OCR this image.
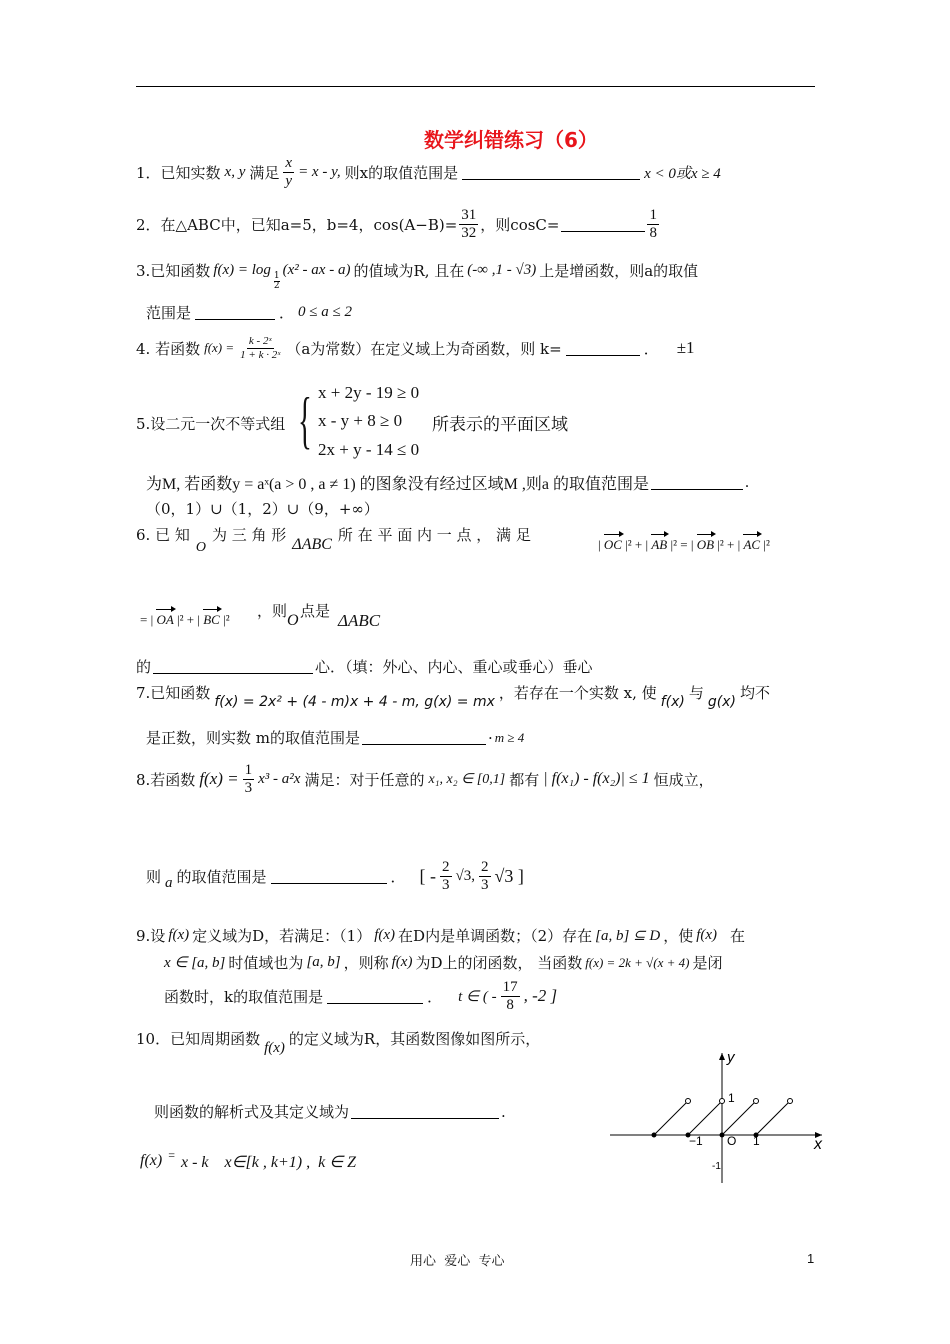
数学纠错练习（6）
1．已知实数 x, y 满足 $\frac{x}{y} = x - y$, 则x的取值范围是	x < 0或x ≥ 4
2．在△ABC中，已知a=5，b=4，$\cos(A-B)= \frac{31}{32}$ ，则cosC=	$\frac{1}{8}$
3.已知函数 f(x) = log
$\frac{1}{2}$
(x² - ax - a) 的值域为R, 且在 (-∞ ,1 - √3) 上是增函数，则a的取值
范围是	． 0 ≤ a ≤ 2
4. 若函数 $f(x) = \frac{\text{k - 2ˣ}}{\text{1 + k · 2ˣ}} (a$为常数）在定义域上为奇函数，则 k=	． ±1
5.设二元一次不等式组 { x + 2y - 19 ≥ 0
x - y + 8 ≥ 0
2x + y - 14 ≤ 0
所表示的平面区域
为M, 若函数y = aˣ(a > 0 , a ≠ 1) 的图象没有经过区域M ,则a 的取值范围是	.
（0，1）∪（1，2）∪（9，+∞）
6. 已 知
O
为 三 角 形
ΔABC
所 在 平 面 内 一 点 ， 满 足
| OC |² + | AB |² = | OB |² + | AC |²
= | OA |² + | BC |² ，则
O
点是 ΔABC
的	心．（填：外心、内心、重心或垂心）垂心
7.已知函数 f(x) = 2x² + (4 - m)x + 4 - m, g(x) = mx ，若存在一个实数 x, 使 f(x) 与 g(x) 均不
是正数，则实数 m的取值范围是	· m ≥ 4
8.若函数 $f(x) = \frac{1}{3} x^3 - a^2x$ 满足：对于任意的 x₁, x₂ ∈ [0,1] 都有 | f(x₁) - f(x₂)| ≤ 1 恒成立，
则 a 的取值范围是	． [ - $\frac{2}{3} √3$, $\frac{2}{3} √3$ ]
9.设 f(x) 定义域为D，若满足：（1） f(x) 在D内是单调函数；（2）存在 [a, b] ⊆ D ，使 f(x) 在
x ∈ [a, b] 时值域也为 [a, b] ，则称 f(x) 为D上的闭函数， 当函数 f(x) = 2k + √(x + 4) 是闭
函数时，k的取值范围是	． t ∈ ( - $\frac{17}{8}$ , -2 ]
10．已知周期函数 f(x) 的定义域为R，其函数图像如图所示，
则函数的解析式及其定义域为	.
f(x) = x - k    x∈[k , k+1) ,  k ∈ Z
y
x
1
−1 O 1
-1
用心  爱心  专心	1
